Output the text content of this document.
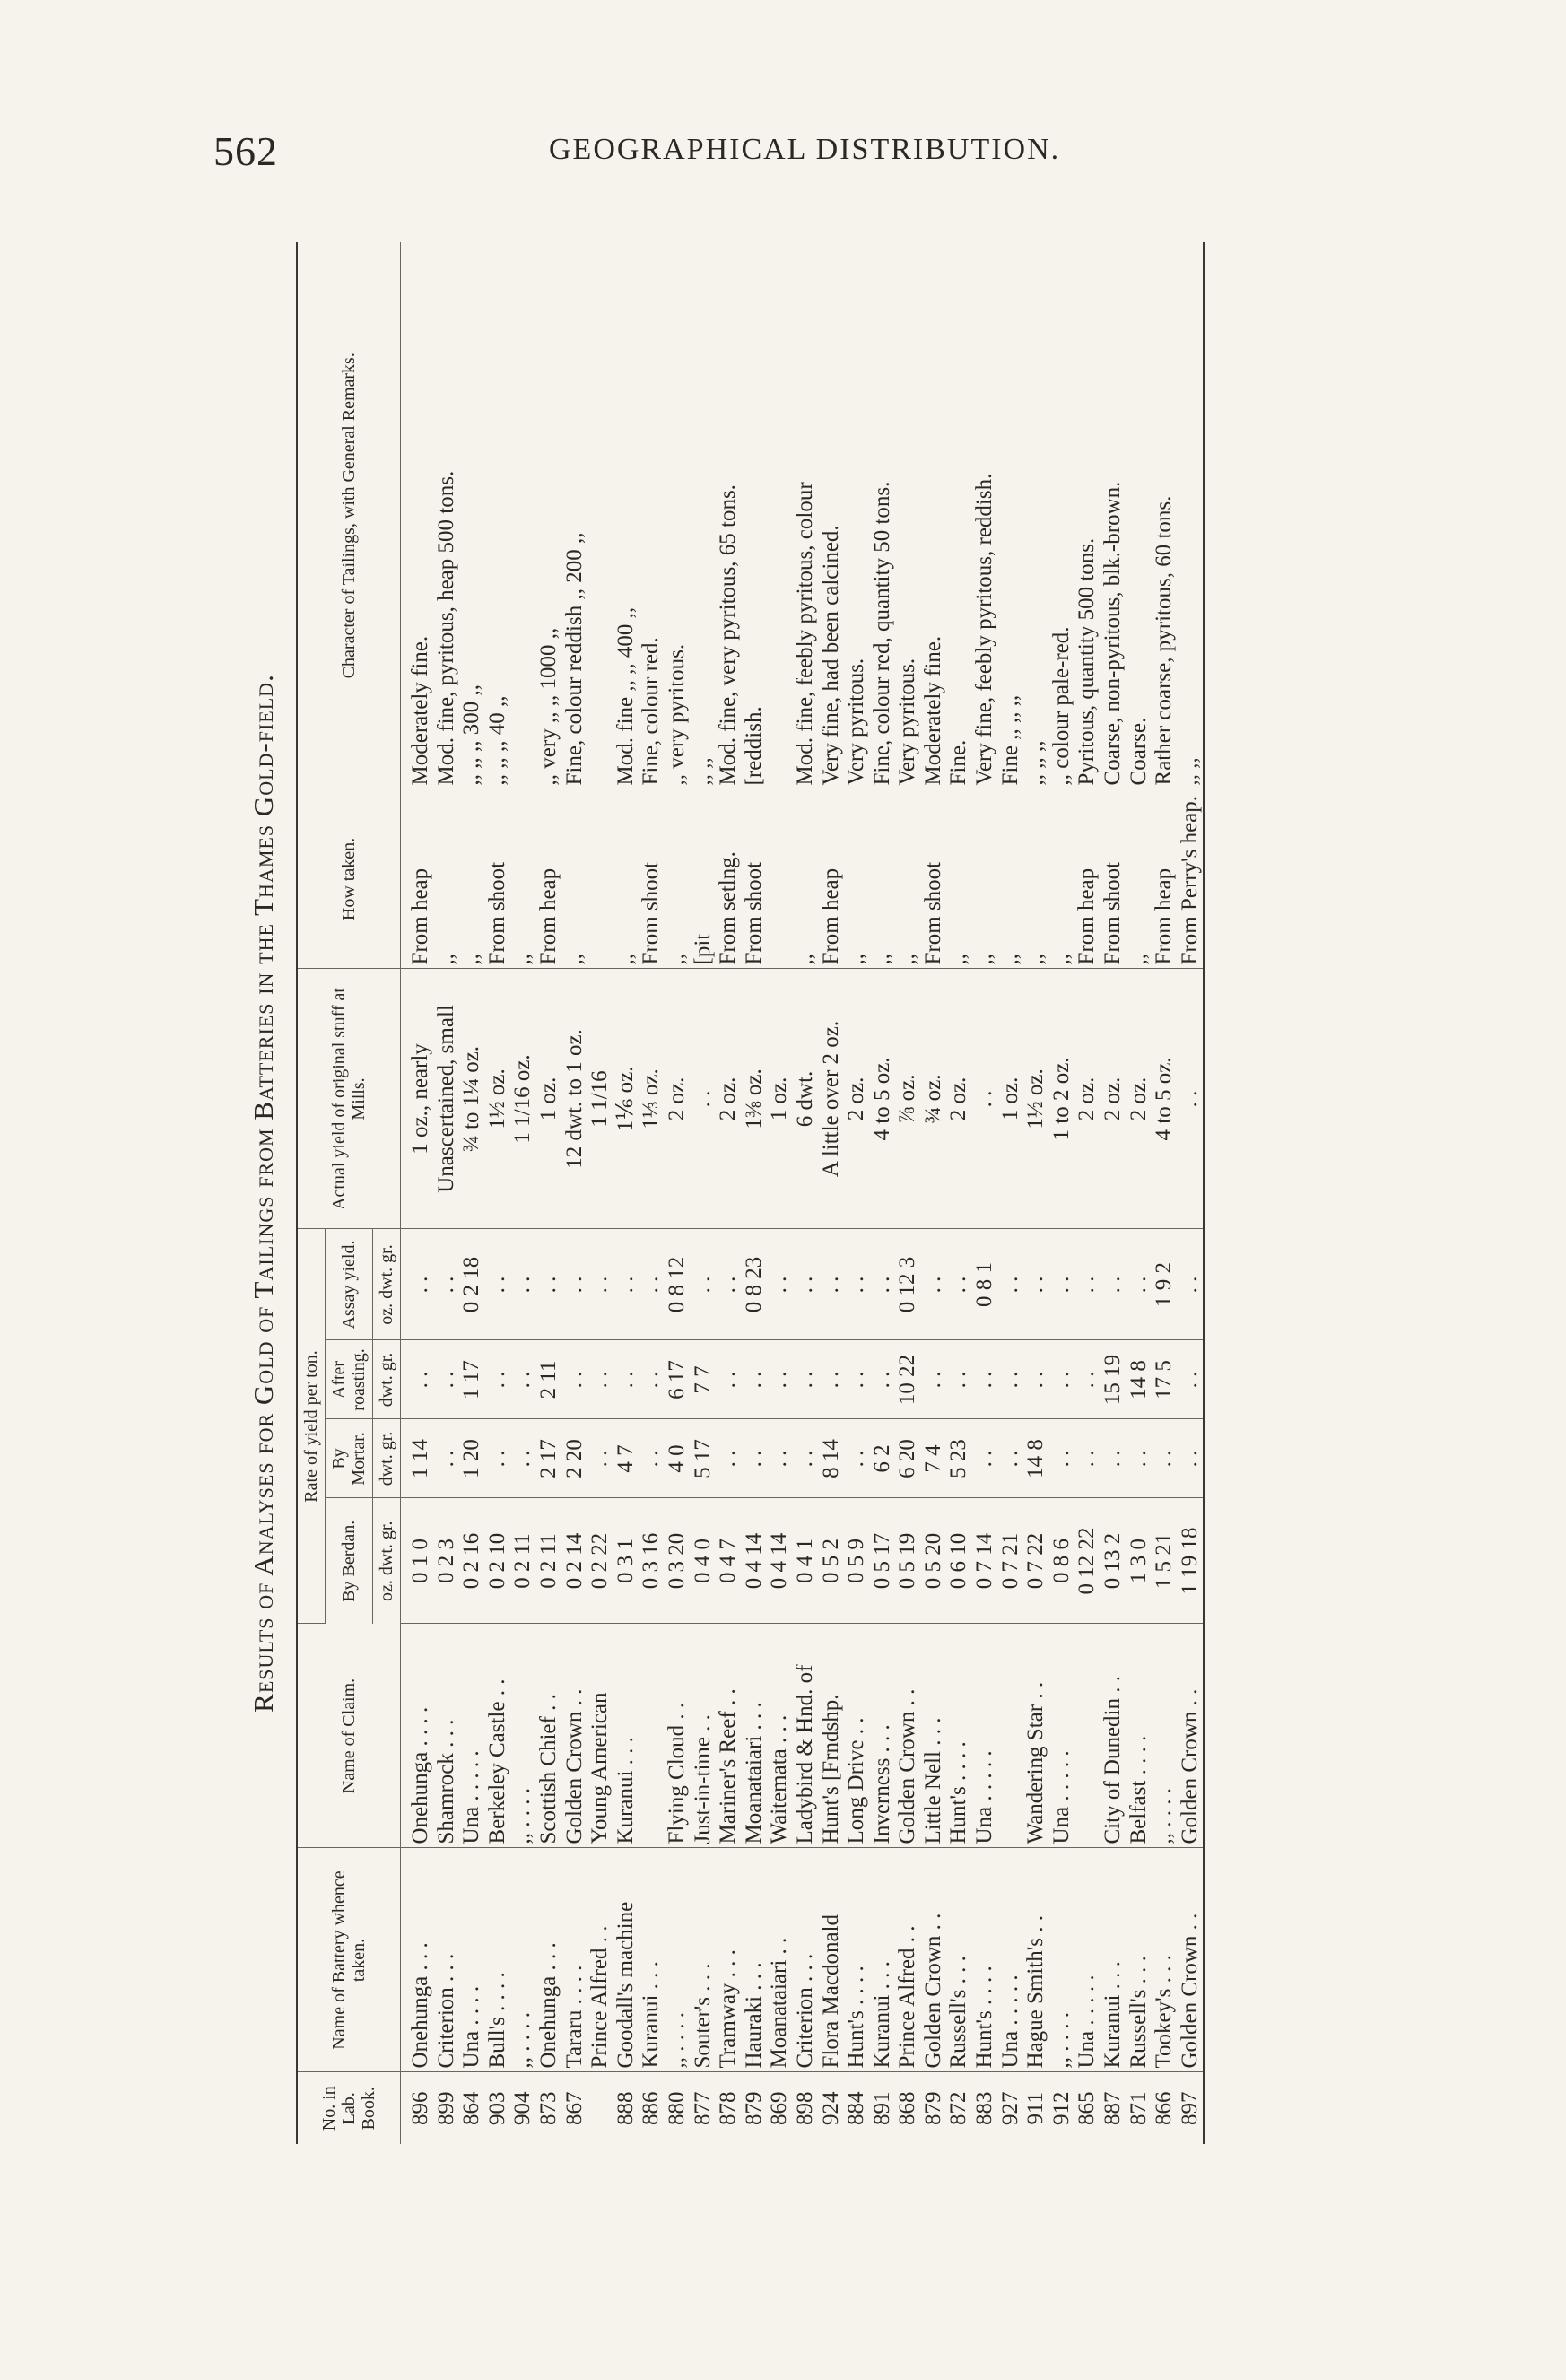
562	GEOGRAPHICAL DISTRIBUTION.
Results of Analyses for Gold of Tailings from Batteries in the Thames Gold-field.
No. in Lab. Book.	Name of Battery whence taken.	Name of Claim.	Rate of yield per ton.				Actual yield of original stuff at Mills.	How taken.	Character of Tailings, with General Remarks.
			By Berdan.	By Mortar.	After roasting.	Assay yield.			
			oz. dwt. gr.	dwt. gr.	dwt. gr.	oz. dwt. gr.			
896	Onehunga . . .	Onehunga . . . .	0 1 0	1 14	. .	. .	1 oz., nearly	From heap	Moderately fine.
899	Criterion . . .	Shamrock . . .	0 2 3	. .	. .	. .	Unascertained, small	,,	Mod. fine, pyritous, heap 500 tons.
864	Una . . . .	Una . . . . .	0 2 16	1 20	1 17	0 2 18	¾ to 1¼ oz.	,,	,, ,, ,, 300 ,,
903	Bull's . . . .	Berkeley Castle . .	0 2 10	. .	. .	. .	1½ oz.	From shoot	,, ,, ,, 40 ,,
904	,, . . . .	,, . . . .	0 2 11	. .	. .	. .	1 1/16 oz.	,,	
873	Onehunga . . .	Scottish Chief . .	0 2 11	2 17	2 11	. .	1 oz.	From heap	,, very ,, ,, 1000 ,,
867	Tararu . . . .	Golden Crown . .	0 2 14	2 20	. .	. .	12 dwt. to 1 oz.	,,	Fine, colour reddish ,, 200 ,,
	Prince Alfred . .	Young American	0 2 22	. .	. .	. .	1 1/16		
888	Goodall's machine	Kuranui . . .	0 3 1	4 7	. .	. .	1⅙ oz.	,,	Mod. fine ,, ,, 400 ,,
886	Kuranui . . .		0 3 16	. .	. .	. .	1⅓ oz.	From shoot	Fine, colour red.
880	,, . . . .	Flying Cloud . .	0 3 20	4 0	6 17	0 8 12	2 oz.	,,	,, very pyritous.
877	Souter's . . .	Just-in-time . .	0 4 0	5 17	7 7	. .	. .	[pit	,, ,,
878	Tramway . . .	Mariner's Reef . .	0 4 7	. .	. .	. .	2 oz.	From setlng.	Mod. fine, very pyritous, 65 tons.
879	Hauraki . . .	Moanataiari . . .	0 4 14	. .	. .	0 8 23	1⅜ oz.	From shoot	[reddish.
869	Moanataiari . .	Waitemata . . .	0 4 14	. .	. .	. .	1 oz.		
898	Criterion . . .	Ladybird & Hnd. of	0 4 1	. .	. .	. .	6 dwt.	,,	Mod. fine, feebly pyritous, colour
924	Flora Macdonald	Hunt's [Frndshp.	0 5 2	8 14	. .	. .	A little over 2 oz.	From heap	Very fine, had been calcined.
884	Hunt's . . . .	Long Drive . .	0 5 9	. .	. .	. .	2 oz.	,,	Very pyritous.
891	Kuranui . . .	Inverness . . .	0 5 17	6 2	. .	. .	4 to 5 oz.	,,	Fine, colour red, quantity 50 tons.
868	Prince Alfred . .	Golden Crown . .	0 5 19	6 20	10 22	0 12 3	⅞ oz.	,,	Very pyritous.
879	Golden Crown . .	Little Nell . . .	0 5 20	7 4	. .	. .	¾ oz.	From shoot	Moderately fine.
872	Russell's . . .	Hunt's . . . .	0 6 10	5 23	. .	. .	2 oz.	,,	Fine.
883	Hunt's . . . .	Una . . . . .	0 7 14	. .	. .	0 8 1	. .	,,	Very fine, feebly pyritous, reddish.
927	Una . . . . .		0 7 21	. .	. .	. .	1 oz.	,,	Fine ,, ,, ,,
911	Hague Smith's . .	Wandering Star . .	0 7 22	14 8	. .	. .	1½ oz.	,,	,, ,, ,,
912	,, . . . .	Una . . . . .	0 8 6	. .	. .	. .	1 to 2 oz.	,,	,, colour pale-red.
865	Una . . . . .		0 12 22	. .	. .	. .	2 oz.	From heap	Pyritous, quantity 500 tons.
887	Kuranui . . .	City of Dunedin . .	0 13 2	. .	15 19	. .	2 oz.	From shoot	Coarse, non-pyritous, blk.-brown.
871	Russell's . . .	Belfast . . . .	1 3 0	. .	14 8	. .	2 oz.	,,	Coarse.
866	Tookey's . . .	,, . . . .	1 5 21	. .	17 5	1 9 2	4 to 5 oz.	From heap	Rather coarse, pyritous, 60 tons.
897	Golden Crown . .	Golden Crown . .	1 19 18	. .	. .	. .	. .	From Perry's heap.	,, ,,
